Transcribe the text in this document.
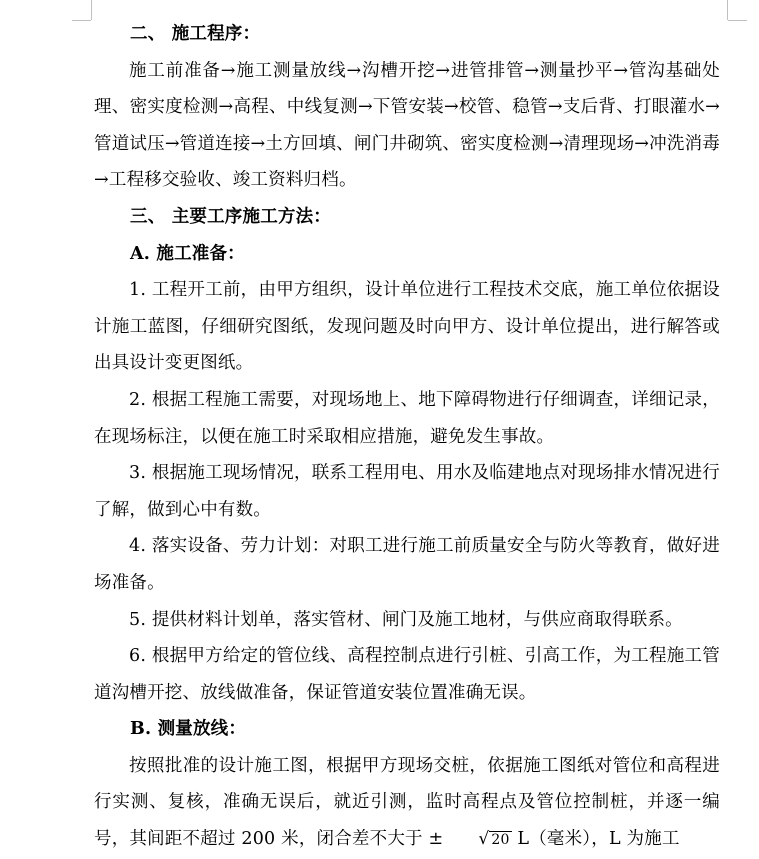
二、 施工程序：

施工前准备→施工测量放线→沟槽开挖→进管排管→测量抄平→管沟基础处理、密实度检测→高程、中线复测→下管安装→校管、稳管→支后背、打眼灌水→管道试压→管道连接→土方回填、闸门井砌筑、密实度检测→清理现场→冲洗消毒→工程移交验收、竣工资料归档。

三、 主要工序施工方法：

A. 施工准备：

1. 工程开工前，由甲方组织，设计单位进行工程技术交底，施工单位依据设计施工蓝图，仔细研究图纸，发现问题及时向甲方、设计单位提出，进行解答或出具设计变更图纸。

2. 根据工程施工需要，对现场地上、地下障碍物进行仔细调查，详细记录，在现场标注，以便在施工时采取相应措施，避免发生事故。

3. 根据施工现场情况，联系工程用电、用水及临建地点对现场排水情况进行了解，做到心中有数。

4. 落实设备、劳力计划：对职工进行施工前质量安全与防火等教育，做好进场准备。

5. 提供材料计划单，落实管材、闸门及施工地材，与供应商取得联系。

6. 根据甲方给定的管位线、高程控制点进行引桩、引高工作，为工程施工管道沟槽开挖、放线做准备，保证管道安装位置准确无误。

B. 测量放线：

按照批准的设计施工图，根据甲方现场交桩，依据施工图纸对管位和高程进行实测、复核，准确无误后，就近引测，监时高程点及管位控制桩，并逐一编号，其间距不超过 200 米，闭合差不大于 ± √ 20 L（毫米），L 为施工
